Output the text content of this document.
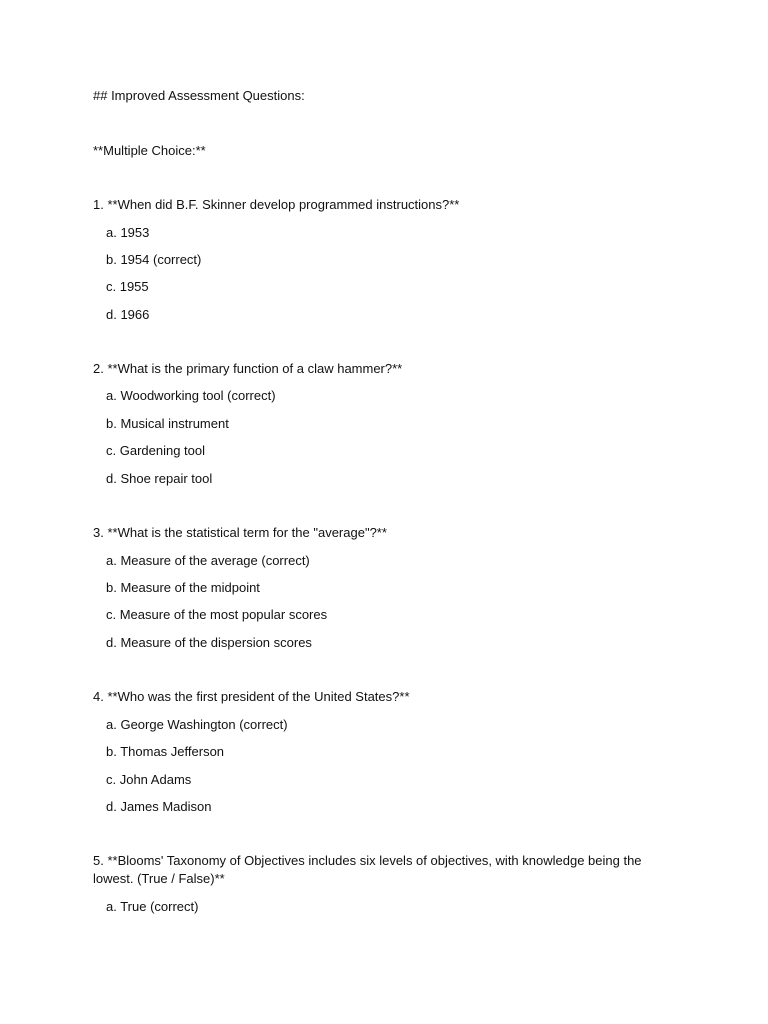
## Improved Assessment Questions:
**Multiple Choice:**
1. **When did B.F. Skinner develop programmed instructions?**
a. 1953
b. 1954 (correct)
c. 1955
d. 1966
2. **What is the primary function of a claw hammer?**
a. Woodworking tool (correct)
b. Musical instrument
c. Gardening tool
d. Shoe repair tool
3. **What is the statistical term for the "average"?**
a. Measure of the average (correct)
b. Measure of the midpoint
c. Measure of the most popular scores
d. Measure of the dispersion scores
4. **Who was the first president of the United States?**
a. George Washington (correct)
b. Thomas Jefferson
c. John Adams
d. James Madison
5. **Blooms' Taxonomy of Objectives includes six levels of objectives, with knowledge being the lowest. (True / False)**
a. True (correct)
